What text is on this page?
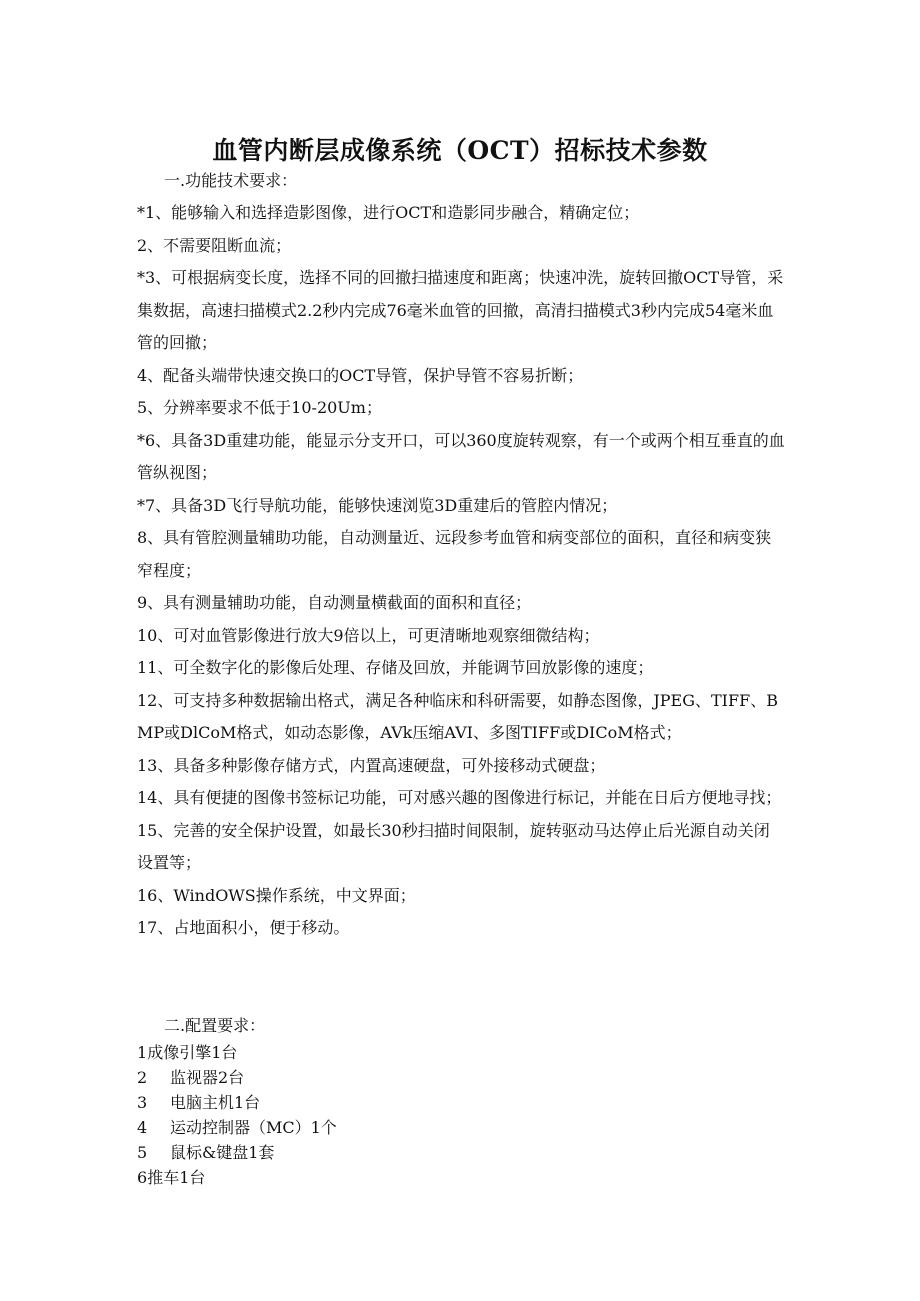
血管内断层成像系统（OCT）招标技术参数
一.功能技术要求：
*1、能够输入和选择造影图像，进行OCT和造影同步融合，精确定位；
2、不需要阻断血流；
*3、可根据病变长度，选择不同的回撤扫描速度和距离；快速冲洗，旋转回撤OCT导管，采集数据，高速扫描模式2.2秒内完成76毫米血管的回撤，高清扫描模式3秒内完成54毫米血管的回撤；
4、配备头端带快速交换口的OCT导管，保护导管不容易折断；
5、分辨率要求不低于10-20Um；
*6、具备3D重建功能，能显示分支开口，可以360度旋转观察，有一个或两个相互垂直的血管纵视图；
*7、具备3D飞行导航功能，能够快速浏览3D重建后的管腔内情况；
8、具有管腔测量辅助功能，自动测量近、远段参考血管和病变部位的面积，直径和病变狭窄程度；
9、具有测量辅助功能，自动测量横截面的面积和直径；
10、可对血管影像进行放大9倍以上，可更清晰地观察细微结构；
11、可全数字化的影像后处理、存储及回放，并能调节回放影像的速度；
12、可支持多种数据输出格式，满足各种临床和科研需要，如静态图像，JPEG、TIFF、BMP或DlCoM格式，如动态影像，AVk压缩AVI、多图TIFF或DICoM格式；
13、具备多种影像存储方式，内置高速硬盘，可外接移动式硬盘；
14、具有便捷的图像书签标记功能，可对感兴趣的图像进行标记，并能在日后方便地寻找；
15、完善的安全保护设置，如最长30秒扫描时间限制，旋转驱动马达停止后光源自动关闭设置等；
16、WindOWS操作系统，中文界面；
17、占地面积小，便于移动。
二.配置要求：
1成像引擎1台
2 监视器2台
3 电脑主机1台
4 运动控制器（MC）1个
5 鼠标&键盘1套
6推车1台
